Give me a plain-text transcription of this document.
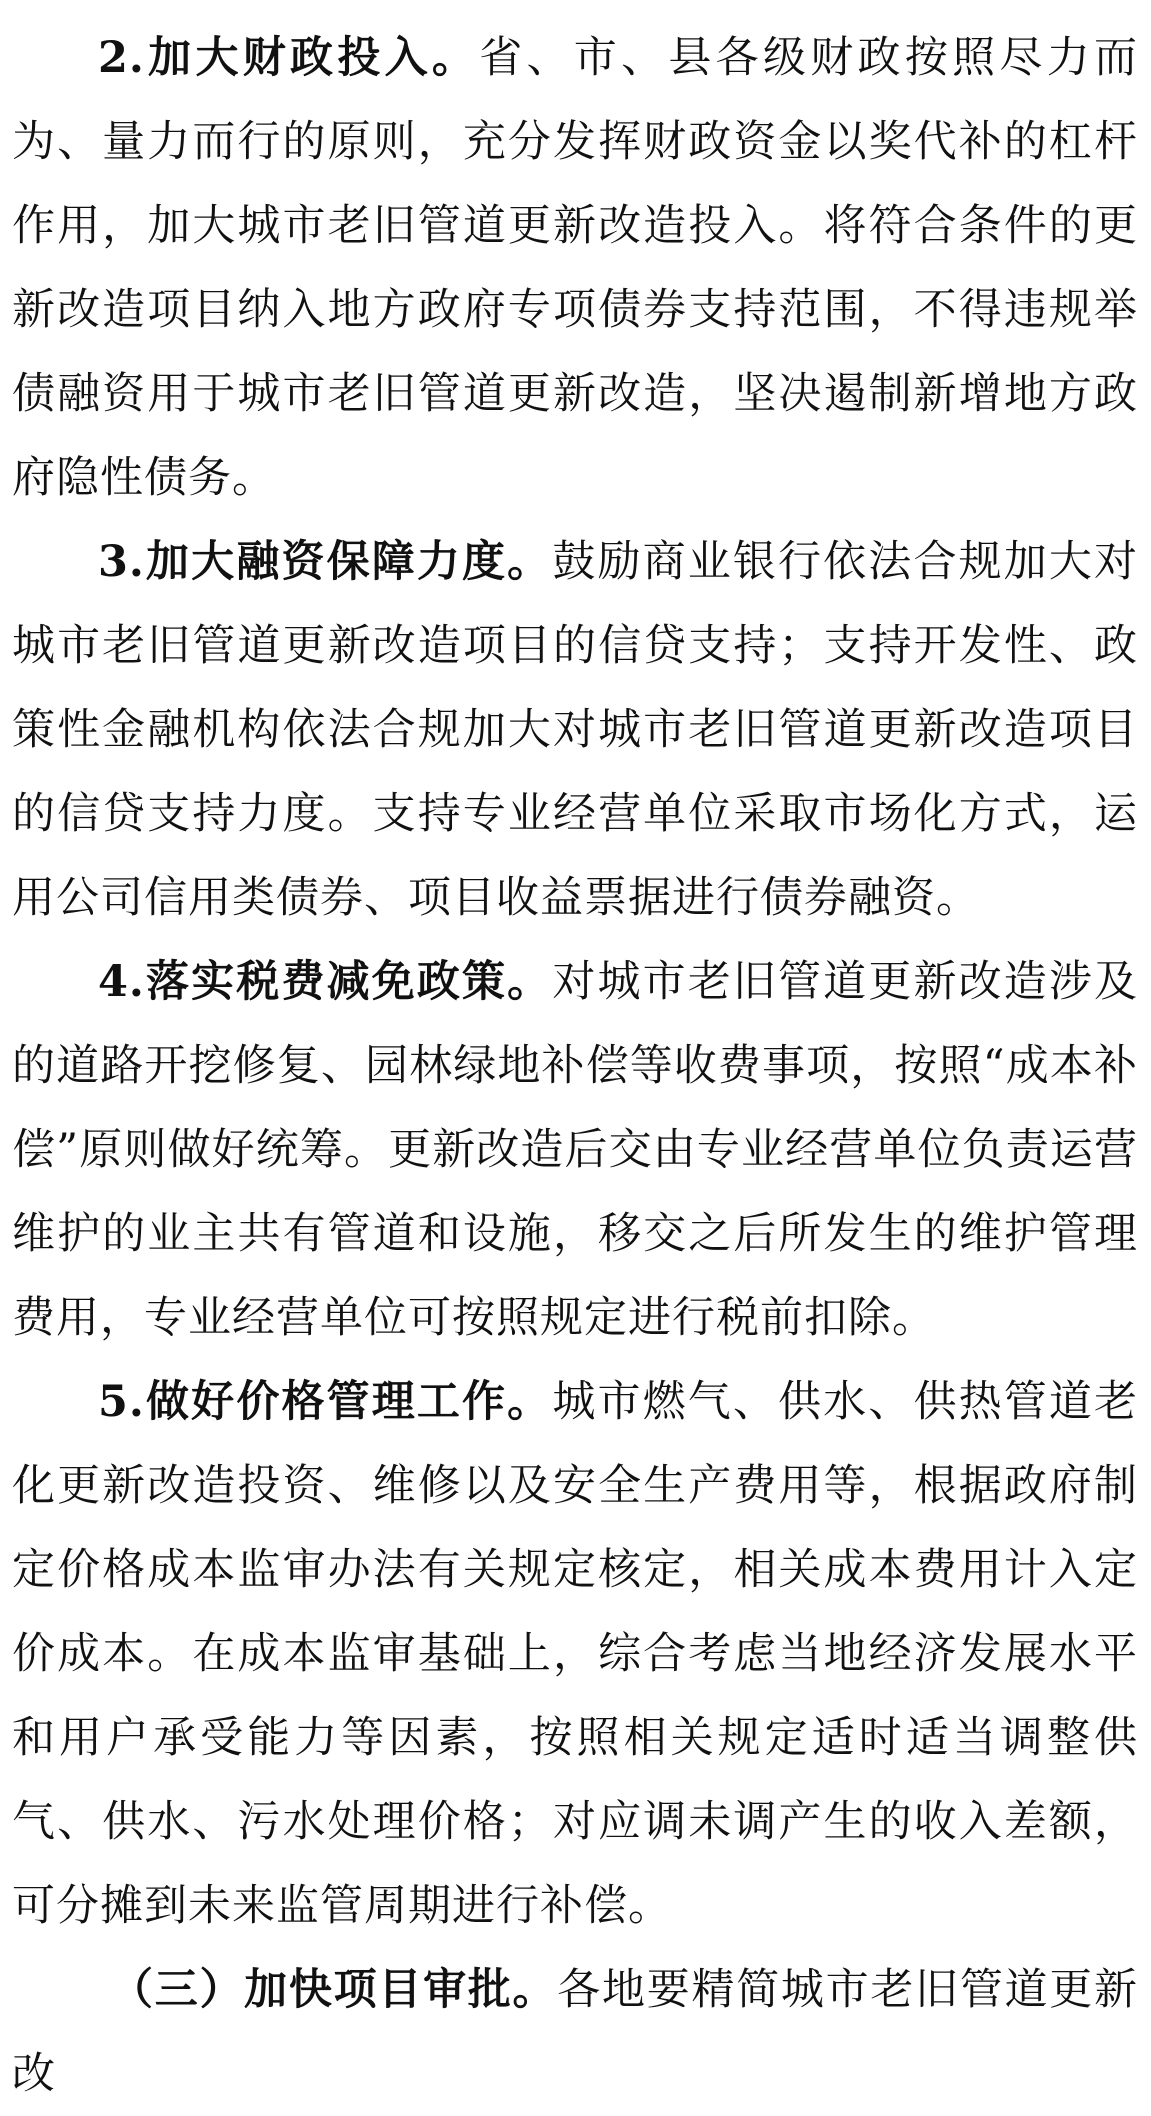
2.加大财政投入。省、市、县各级财政按照尽力而为、量力而行的原则，充分发挥财政资金以奖代补的杠杆作用，加大城市老旧管道更新改造投入。将符合条件的更新改造项目纳入地方政府专项债券支持范围，不得违规举债融资用于城市老旧管道更新改造，坚决遏制新增地方政府隐性债务。

3.加大融资保障力度。鼓励商业银行依法合规加大对城市老旧管道更新改造项目的信贷支持；支持开发性、政策性金融机构依法合规加大对城市老旧管道更新改造项目的信贷支持力度。支持专业经营单位采取市场化方式，运用公司信用类债券、项目收益票据进行债券融资。

4.落实税费减免政策。对城市老旧管道更新改造涉及的道路开挖修复、园林绿地补偿等收费事项，按照“成本补偿”原则做好统筹。更新改造后交由专业经营单位负责运营维护的业主共有管道和设施，移交之后所发生的维护管理费用，专业经营单位可按照规定进行税前扣除。

5.做好价格管理工作。城市燃气、供水、供热管道老化更新改造投资、维修以及安全生产费用等，根据政府制定价格成本监审办法有关规定核定，相关成本费用计入定价成本。在成本监审基础上，综合考虑当地经济发展水平和用户承受能力等因素，按照相关规定适时适当调整供气、供水、污水处理价格；对应调未调产生的收入差额，可分摊到未来监管周期进行补偿。

（三）加快项目审批。各地要精简城市老旧管道更新改
